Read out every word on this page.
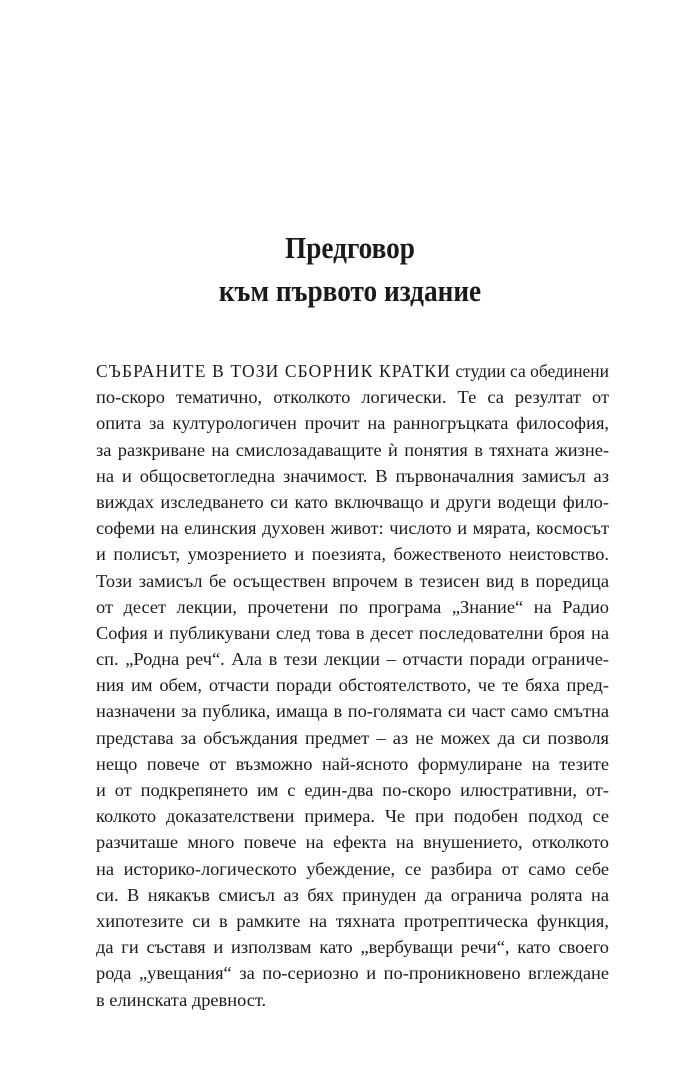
Предговор
към първото издание
СЪБРАНИТЕ В ТОЗИ СБОРНИК КРАТКИ студии са обединени
по-скоро тематично, отколкото логически. Те са резултат от
опита за културологичен прочит на ранногръцката философия,
за разкриване на смислозадаващите ѝ понятия в тяхната жизне-
на и общосветогледна значимост. В първоначалния замисъл аз
виждах изследването си като включващо и други водещи фило-
софеми на елинския духовен живот: числото и мярата, космосът
и полисът, умозрението и поезията, божественото неистовство.
Този замисъл бе осъществен впрочем в тезисен вид в поредица
от десет лекции, прочетени по програма „Знание“ на Радио
София и публикувани след това в десет последователни броя на
сп. „Родна реч“. Ала в тези лекции – отчасти поради ограниче-
ния им обем, отчасти поради обстоятелството, че те бяха пред-
назначени за публика, имаща в по-голямата си част само смътна
представа за обсъждания предмет – аз не можех да си позволя
нещо повече от възможно най-ясното формулиране на тезите
и от подкрепянето им с един-два по-скоро илюстративни, от-
колкото доказателствени примера. Че при подобен подход се
разчиташе много повече на ефекта на внушението, отколкото
на историко-логическото убеждение, се разбира от само себе
си. В някакъв смисъл аз бях принуден да огранича ролята на
хипотезите си в рамките на тяхната протрептическа функция,
да ги съставя и използвам като „вербуващи речи“, като своего
рода „увещания“ за по-сериозно и по-проникновено вглеждане
в елинската древност.
